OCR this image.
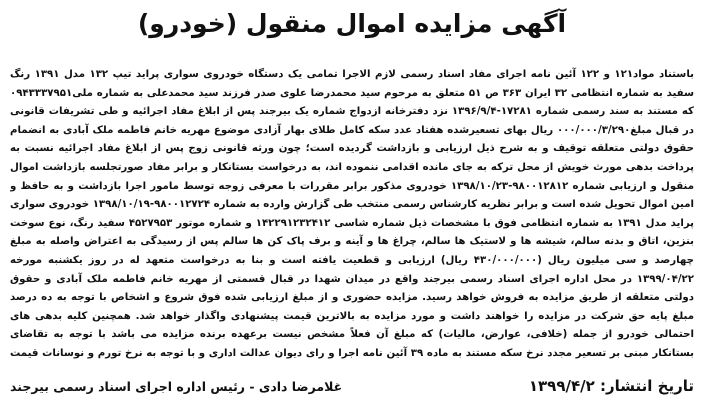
آگهی مزایده اموال منقول (خودرو)
باستناد مواد۱۲۱ و ۱۲۲ آئین نامه اجرای مفاد اسناد رسمی لازم الاجرا تمامی یک دستگاه خودروی سواری پراید تیپ ۱۳۲ مدل ۱۳۹۱ رنگ سفید به شماره انتظامی ۳۲ ایران ۳۶۳ ص ۵۱ متعلق به مرحوم سید محمدرضا علوی صدر فرزند سید محمدعلی به شماره ملی۰۹۴۳۳۳۷۹۵۱ که مستند به سند رسمی شماره ۱۷۲۸۱-۱۳۹۶/۹/۴ نزد دفترخانه ازدواج شماره یک بیرجند پس از ابلاغ مفاد اجرائیه و طی تشریفات قانونی در قبال مبلغ۰۰۰/۰۰۰/۳/۲۹۰ ریال بهای تسعیرشده هفتاد عدد سکه کامل طلای بهار آزادی موضوع مهریه خانم فاطمه ملک آبادی به انضمام حقوق دولتی متعلقه توقیف و به شرح ذیل ارزیابی و بازداشت گردیده است؛ چون ورثه قانونی زوج پس از ابلاغ مفاد اجرائیه نسبت به پرداخت بدهی مورث خویش از محل ترکه به جای مانده اقدامی ننموده اند، به درخواست بستانکار و برابر مفاد صورتجلسه بازداشت اموال منقول و ارزیابی شماره ۹۸۰۰۱۲۸۱۲-۱۳۹۸/۱۰/۲۳ خودروی مذکور برابر مقررات با معرفی زوجه توسط مامور اجرا بازداشت و به حافظ و امین اموال تحویل شده است و برابر نظریه کارشناس رسمی منتخب طی گزارش وارده به شماره ۹۸۰۰۱۲۷۲۴-۱۳۹۸/۱۰/۱۹ خودروی سواری پراید مدل ۱۳۹۱ به شماره انتظامی فوق با مشخصات ذیل شماره شاسی ۱۴۲۲۹۱۲۳۲۴۱۲ و شماره موتور ۴۵۲۷۹۵۳ سفید رنگ، نوع سوخت بنزین، اتاق و بدنه سالم، شیشه ها و لاستیک ها سالم، چراغ ها و آینه و برف پاک کن ها سالم پس از رسیدگی به اعتراض واصله به مبلغ چهارصد و سی میلیون ریال (۴۳۰/۰۰۰/۰۰۰ ریال) ارزیابی و قطعیت یافته است و بنا به درخواست متعهد له در روز یکشنبه مورخه ۱۳۹۹/۰۴/۲۲ در محل اداره اجرای اسناد رسمی بیرجند واقع در میدان شهدا در قبال قسمتی از مهریه خانم فاطمه ملک آبادی و حقوق دولتی متعلقه از طریق مزایده به فروش خواهد رسید. مزایده حضوری و از مبلغ ارزیابی شده فوق شروع و اشخاص با توجه به ده درصد مبلغ پایه حق شرکت در مزایده را خواهند داشت و مورد مزایده به بالاترین قیمت پیشنهادی واگذار خواهد شد. همچنین کلیه بدهی های احتمالی خودرو از جمله (خلافی، عوارض، مالیات) که مبلغ آن فعلاً مشخص نیست برعهده برنده مزایده می باشد با توجه به تقاضای بستانکار مبنی بر تسعیر مجدد نرخ سکه مستند به ماده ۳۹ آئین نامه اجرا و رای دیوان عدالت اداری و با توجه به نرخ تورم و نوسانات قیمت
تاریخ انتشار: ۱۳۹۹/۴/۲
غلامرضا دادی - رئیس اداره اجرای اسناد رسمی بیرجند
